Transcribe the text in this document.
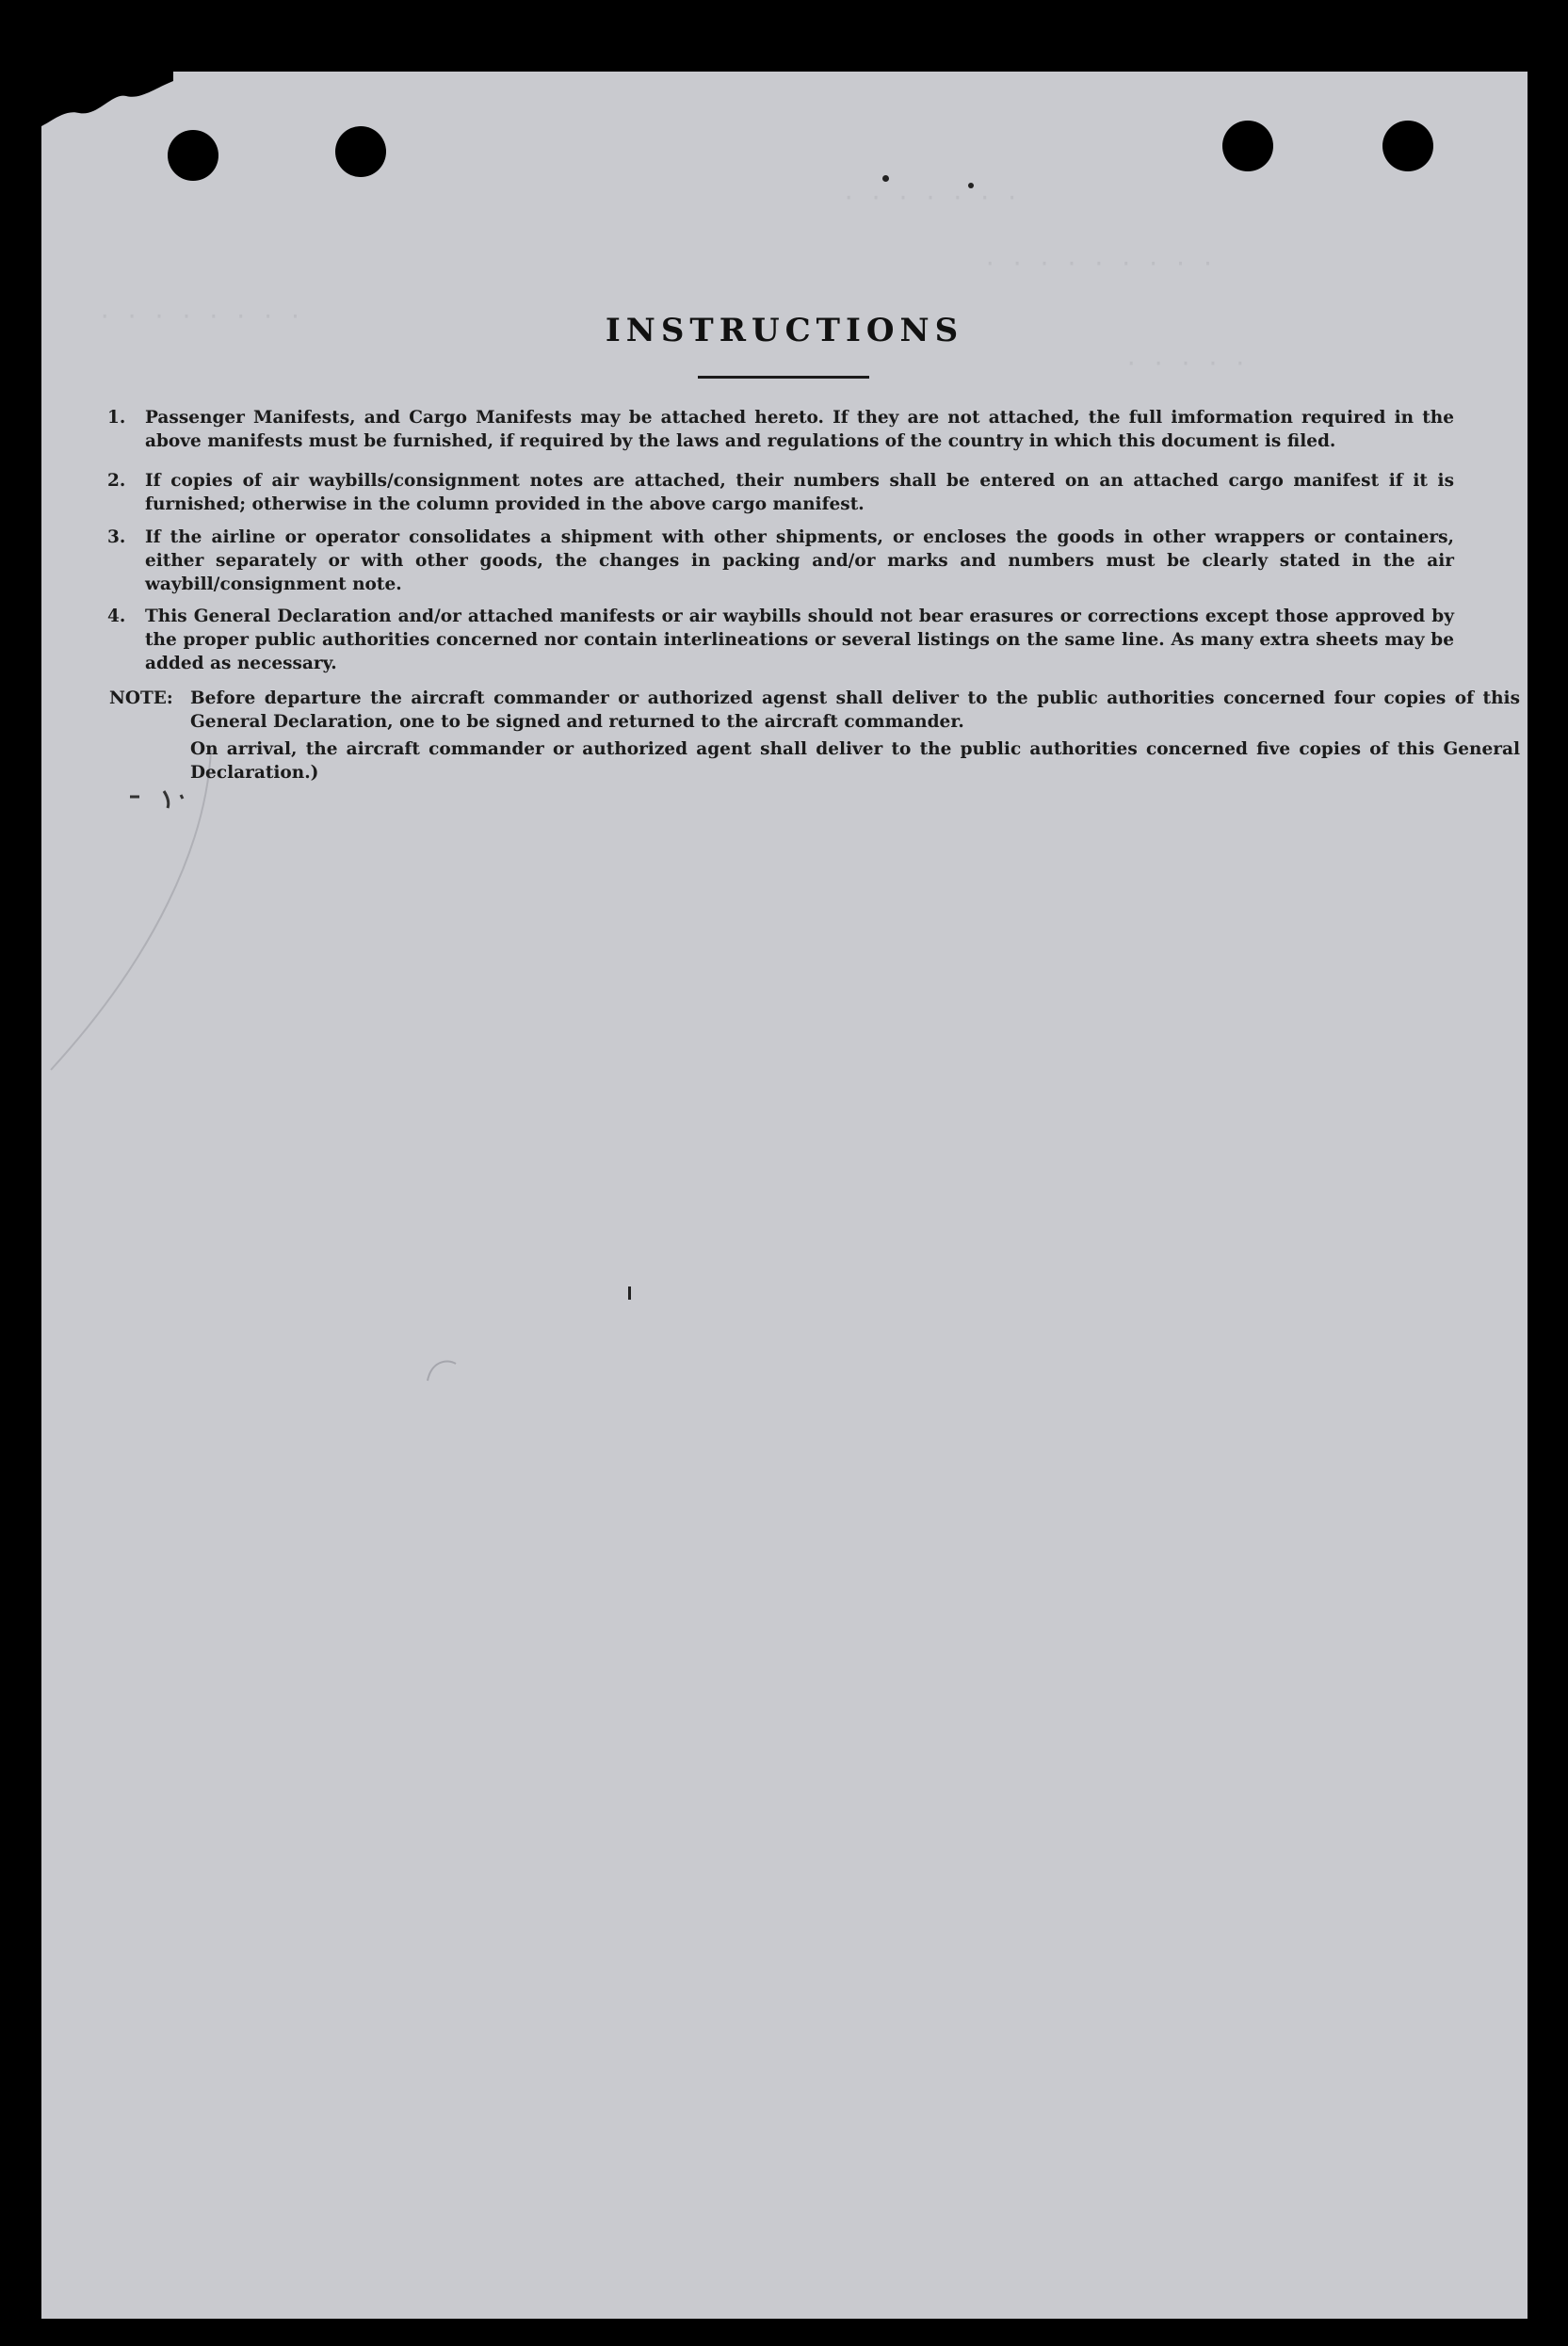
· · · · · · ·
· · · · · · · · ·
· · · · · · · ·
· · · · ·
INSTRUCTIONS
1.	Passenger Manifests, and Cargo Manifests may be attached hereto. If they are not attached, the full imformation required in the above manifests must be furnished, if required by the laws and regulations of the country in which this document is filed.
2.	If copies of air waybills/consignment notes are attached, their numbers shall be entered on an attached cargo manifest if it is furnished; otherwise in the column provided in the above cargo manifest.
3.	If the airline or operator consolidates a shipment with other shipments, or encloses the goods in other wrappers or containers, either separately or with other goods, the changes in packing and/or marks and numbers must be clearly stated in the air waybill/consignment note.
4.	This General Declaration and/or attached manifests or air waybills should not bear erasures or corrections except those approved by the proper public authorities concerned nor contain interlineations or several listings on the same line. As many extra sheets may be added as necessary.
NOTE: Before departure the aircraft commander or authorized agenst shall deliver to the public authorities concerned four copies of this General Declaration, one to be signed and returned to the aircraft commander.
On arrival, the aircraft commander or authorized agent shall deliver to the public authorities concerned five copies of this General Declaration.)
